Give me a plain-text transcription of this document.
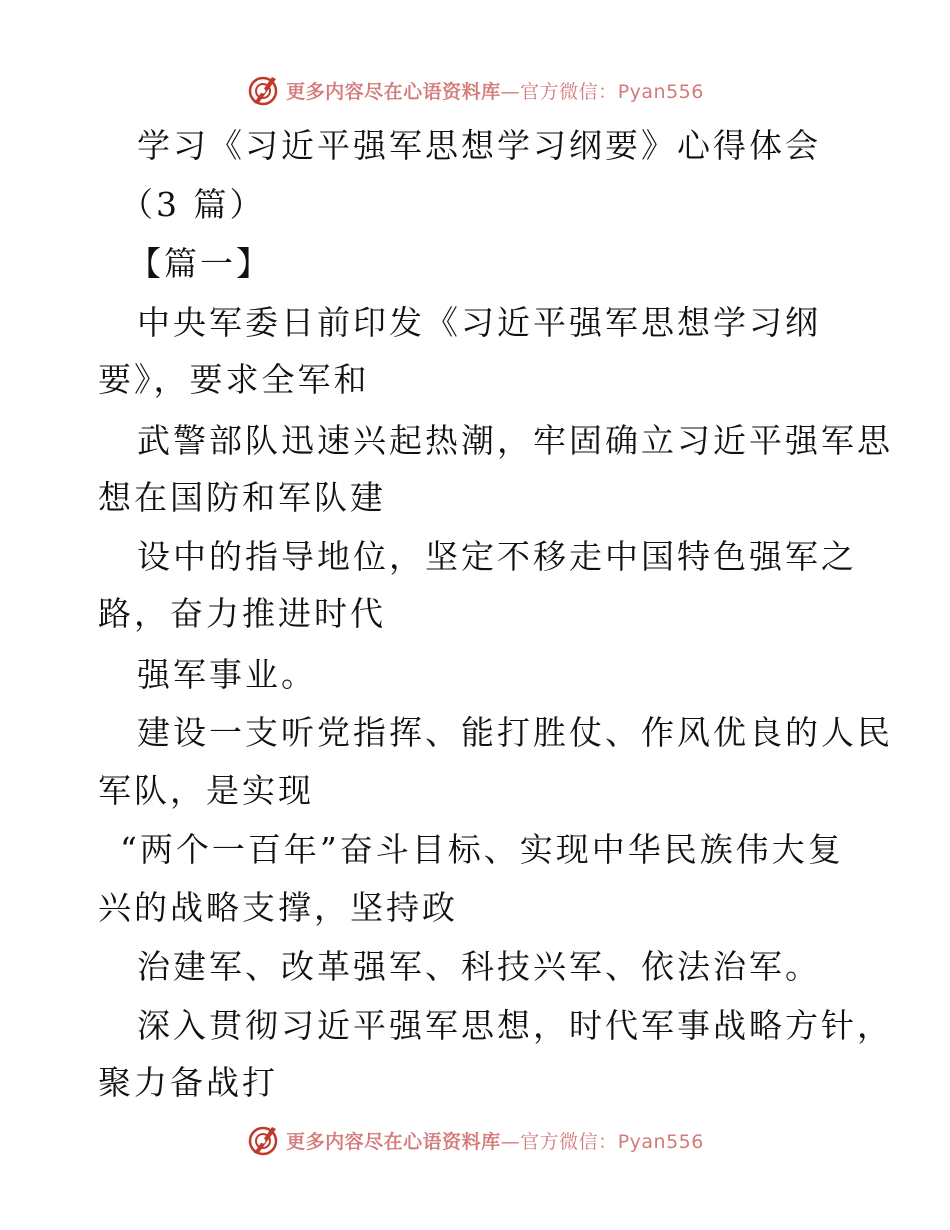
更多内容尽在心语资料库—官方微信：Pyan556
学习《习近平强军思想学习纲要》心得体会
（3 篇）
【篇一】
中央军委日前印发《习近平强军思想学习纲
要》，要求全军和
武警部队迅速兴起热潮，牢固确立习近平强军思
想在国防和军队建
设中的指导地位，坚定不移走中国特色强军之
路，奋力推进时代
强军事业。
建设一支听党指挥、能打胜仗、作风优良的人民
军队，是实现
“两个一百年”奋斗目标、实现中华民族伟大复
兴的战略支撑，坚持政
治建军、改革强军、科技兴军、依法治军。
深入贯彻习近平强军思想，时代军事战略方针，
聚力备战打
更多内容尽在心语资料库—官方微信：Pyan556
